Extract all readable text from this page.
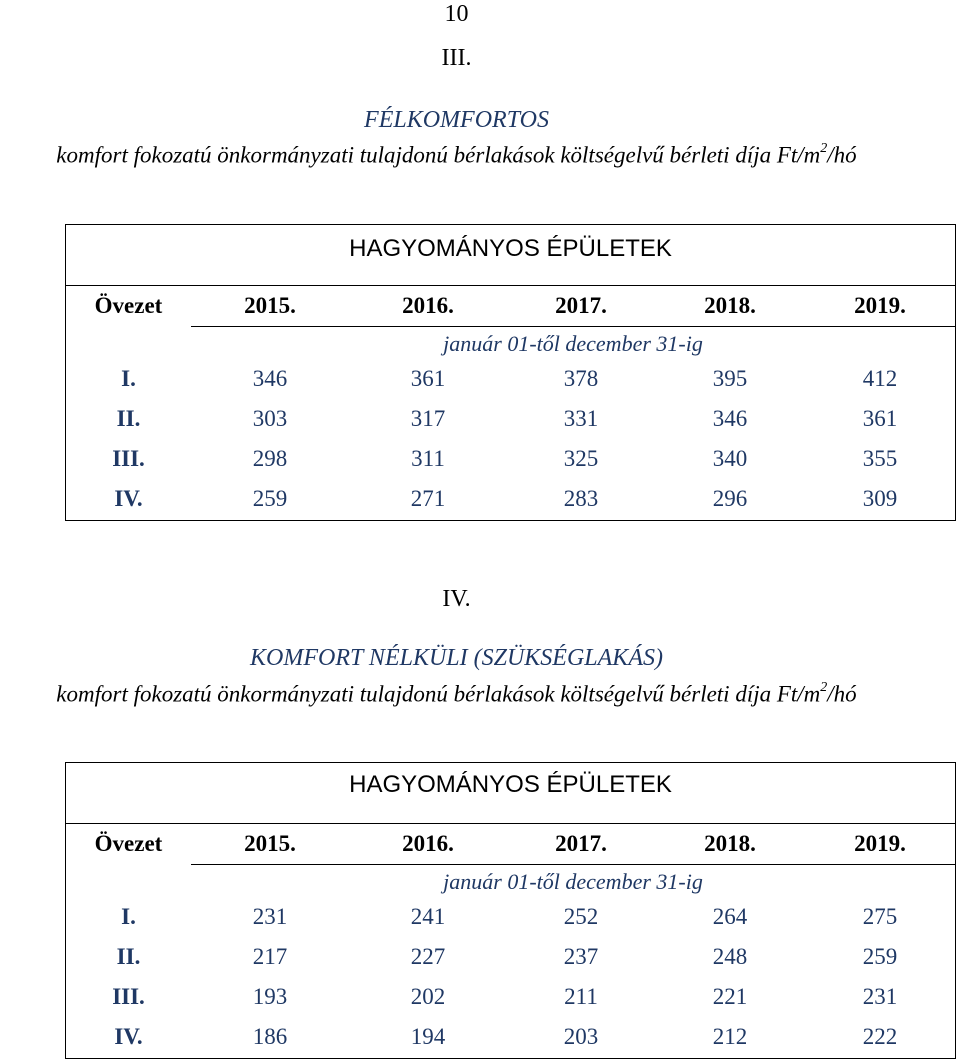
10
III.
FÉLKOMFORTOS
komfort fokozatú önkormányzati tulajdonú bérlakások költségelvű bérleti díja $Ft/m^2/hó$
HAGYOMÁNYOS ÉPÜLETEK
Övezet	2015.	2016.	2017.	2018.	2019.
január 01-től december 31-ig
I.	346	361	378	395	412
II.	303	317	331	346	361
III.	298	311	325	340	355
IV.	259	271	283	296	309
IV.
KOMFORT NÉLKÜLI (SZÜKSÉGLAKÁS)
komfort fokozatú önkormányzati tulajdonú bérlakások költségelvű bérleti díja $Ft/m^2/hó$
HAGYOMÁNYOS ÉPÜLETEK
Övezet	2015.	2016.	2017.	2018.	2019.
január 01-től december 31-ig
I.	231	241	252	264	275
II.	217	227	237	248	259
III.	193	202	211	221	231
IV.	186	194	203	212	222
